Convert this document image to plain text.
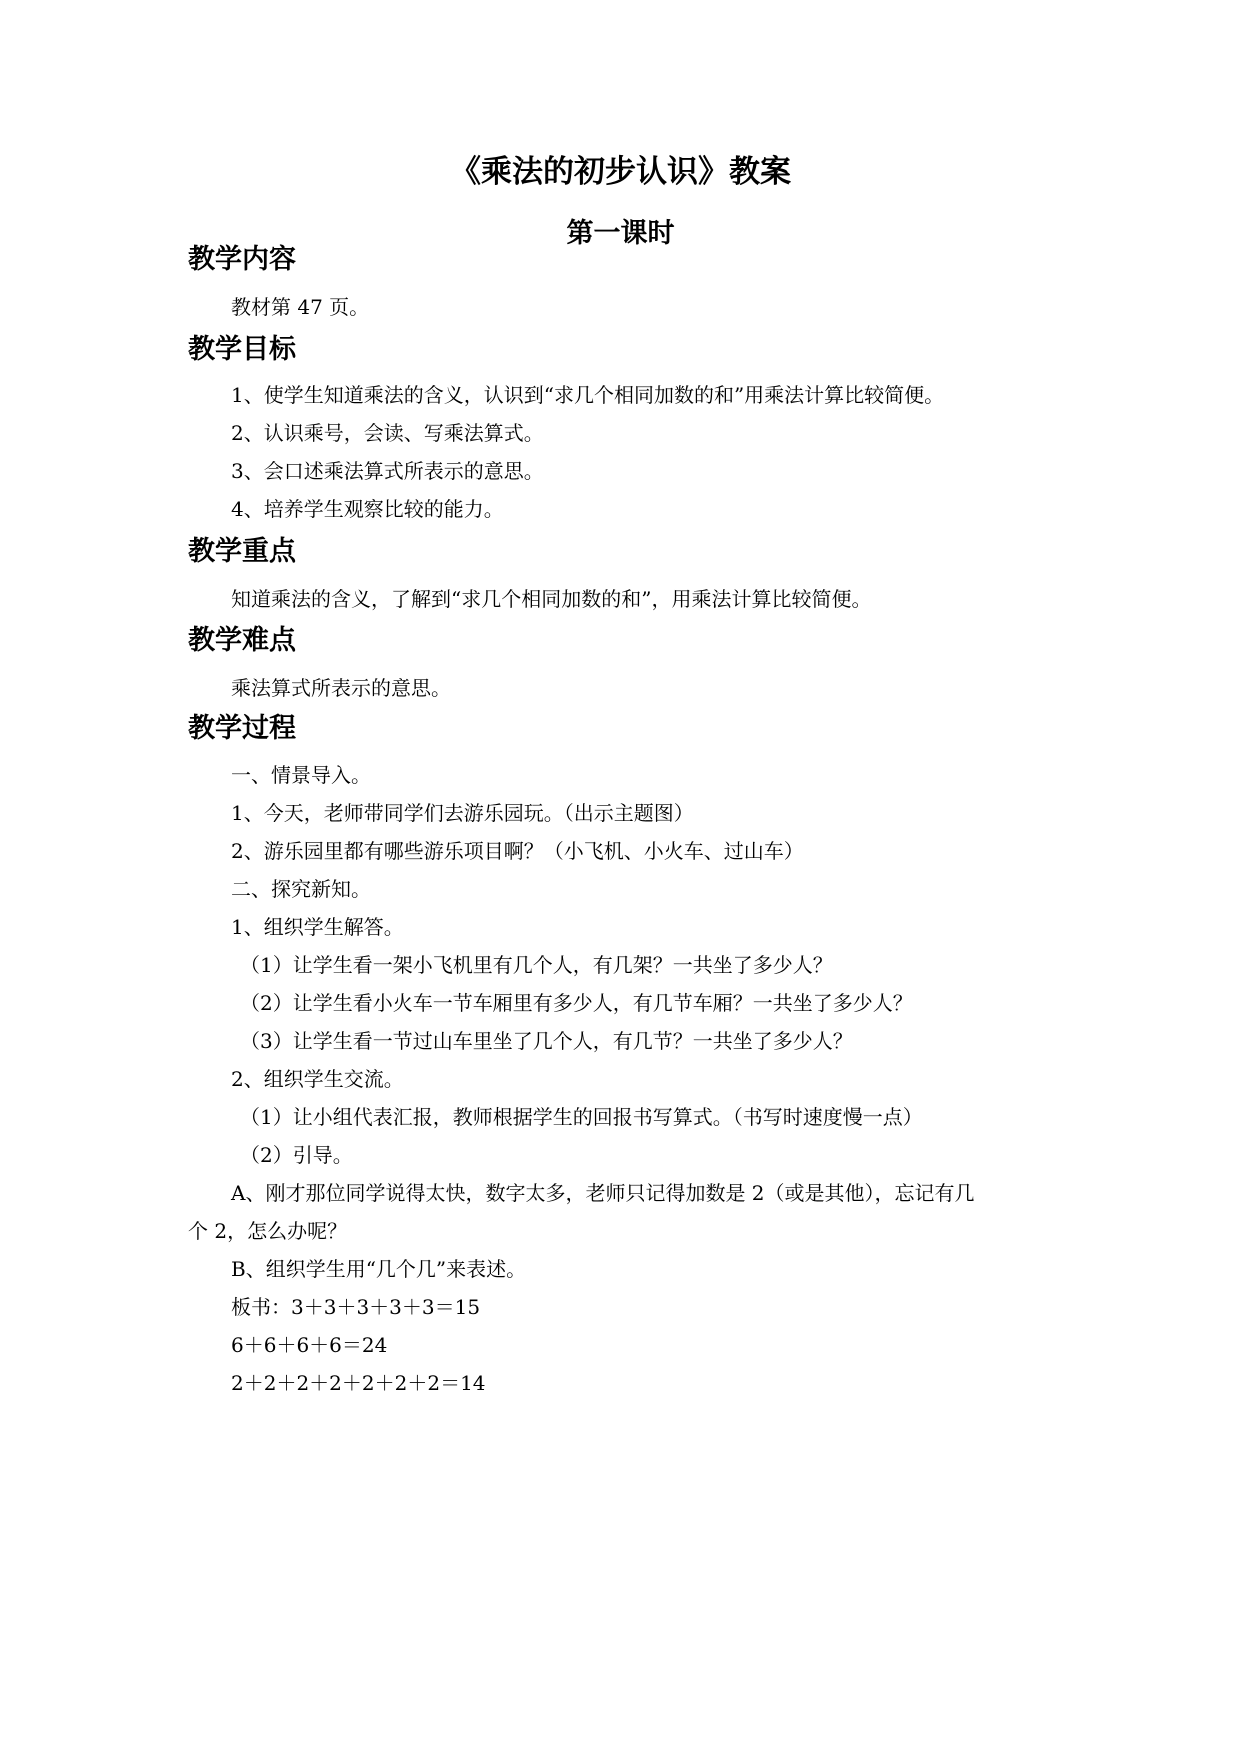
《乘法的初步认识》教案
第一课时
教学内容
教材第 47 页。
教学目标
1、使学生知道乘法的含义，认识到“求几个相同加数的和”用乘法计算比较简便。
2、认识乘号，会读、写乘法算式。
3、会口述乘法算式所表示的意思。
4、培养学生观察比较的能力。
教学重点
知道乘法的含义，了解到“求几个相同加数的和”，用乘法计算比较简便。
教学难点
乘法算式所表示的意思。
教学过程
一、情景导入。
1、今天，老师带同学们去游乐园玩。（出示主题图）
2、游乐园里都有哪些游乐项目啊？（小飞机、小火车、过山车）
二、探究新知。
1、组织学生解答。
（1）让学生看一架小飞机里有几个人，有几架？一共坐了多少人？
（2）让学生看小火车一节车厢里有多少人，有几节车厢？一共坐了多少人？
（3）让学生看一节过山车里坐了几个人，有几节？一共坐了多少人？
2、组织学生交流。
（1）让小组代表汇报，教师根据学生的回报书写算式。（书写时速度慢一点）
（2）引导。
A、刚才那位同学说得太快，数字太多，老师只记得加数是 2（或是其他），忘记有几
个 2，怎么办呢？
B、组织学生用“几个几”来表述。
板书：3＋3＋3＋3＋3＝15
6＋6＋6＋6＝24
2＋2＋2＋2＋2＋2＋2＝14
